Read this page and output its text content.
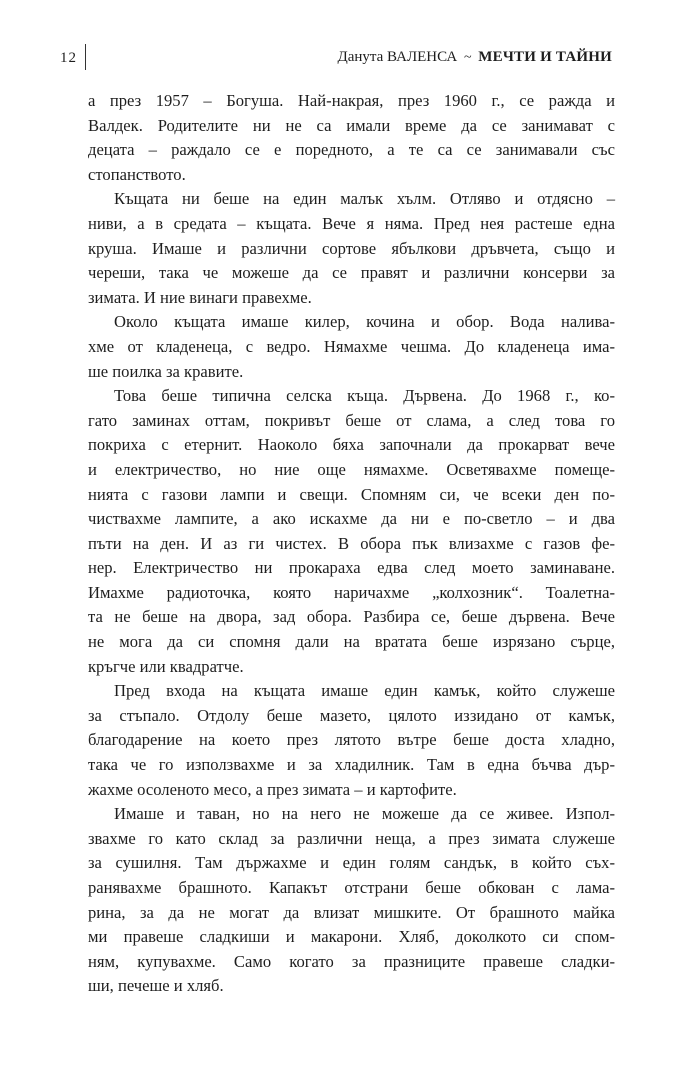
12	Данута ВАЛЕНСА ~ МЕЧТИ И ТАЙНИ
а през 1957 – Богуша. Най-накрая, през 1960 г., се ражда и
Валдек. Родителите ни не са имали време да се занимават с
децата – раждало се е поредното, а те са се занимавали със
стопанството.
Къщата ни беше на един малък хълм. Отляво и отдясно –
ниви, а в средата – къщата. Вече я няма. Пред нея растеше една
круша. Имаше и различни сортове ябълкови дръвчета, също и
череши, така че можеше да се правят и различни консерви за
зимата. И ние винаги правехме.
Около къщата имаше килер, кочина и обор. Вода налива-
хме от кладенеца, с ведро. Нямахме чешма. До кладенеца има-
ше поилка за кравите.
Това беше типична селска къща. Дървена. До 1968 г., ко-
гато заминах оттам, покривът беше от слама, а след това го
покриха с етернит. Наоколо бяха започнали да прокарват вече
и електричество, но ние още нямахме. Осветявахме помеще-
нията с газови лампи и свещи. Спомням си, че всеки ден по-
чиствахме лампите, а ако искахме да ни е по-светло – и два
пъти на ден. И аз ги чистех. В обора пък влизахме с газов фе-
нер. Електричество ни прокараха едва след моето заминаване.
Имахме радиоточка, която наричахме „колхозник“. Тоалетна-
та не беше на двора, зад обора. Разбира се, беше дървена. Вече
не мога да си спомня дали на вратата беше изрязано сърце,
кръгче или квадратче.
Пред входа на къщата имаше един камък, който служеше
за стъпало. Отдолу беше мазето, цялото иззидано от камък,
благодарение на което през лятото вътре беше доста хладно,
така че го използвахме и за хладилник. Там в една бъчва дър-
жахме осоленото месо, а през зимата – и картофите.
Имаше и таван, но на него не можеше да се живее. Изпол-
звахме го като склад за различни неща, а през зимата служеше
за сушилня. Там държахме и един голям сандък, в който съх-
ранявахме брашното. Капакът отстрани беше обкован с лама-
рина, за да не могат да влизат мишките. От брашното майка
ми правеше сладкиши и макарони. Хляб, доколкото си спом-
ням, купувахме. Само когато за празниците правеше сладки-
ши, печеше и хляб.
